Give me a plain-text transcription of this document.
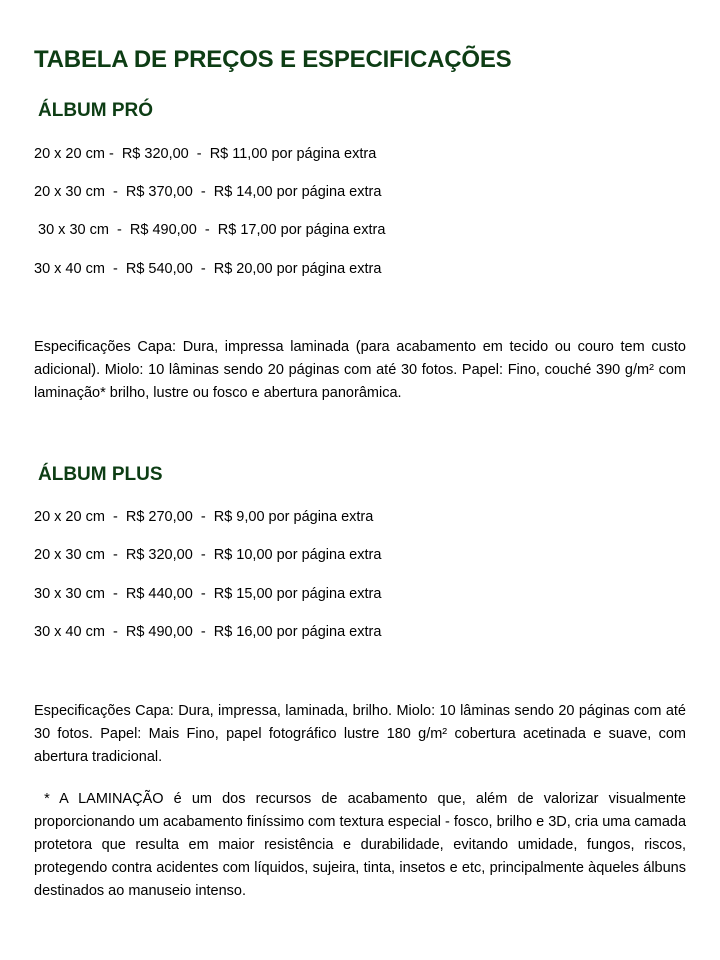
TABELA DE PREÇOS E ESPECIFICAÇÕES
ÁLBUM PRÓ
20 x 20 cm -  R$ 320,00  -  R$ 11,00 por página extra
20 x 30 cm  -  R$ 370,00  -  R$ 14,00 por página extra
30 x 30 cm  -  R$ 490,00  -  R$ 17,00 por página extra
30 x 40 cm  -  R$ 540,00  -  R$ 20,00 por página extra
Especificações Capa: Dura, impressa laminada (para acabamento em tecido ou couro tem custo adicional). Miolo: 10 lâminas sendo 20 páginas com até 30 fotos. Papel: Fino, couché 390 g/m² com laminação* brilho, lustre ou fosco e abertura panorâmica.
ÁLBUM PLUS
20 x 20 cm  -  R$ 270,00  -  R$ 9,00 por página extra
20 x 30 cm  -  R$ 320,00  -  R$ 10,00 por página extra
30 x 30 cm  -  R$ 440,00  -  R$ 15,00 por página extra
30 x 40 cm  -  R$ 490,00  -  R$ 16,00 por página extra
Especificações Capa: Dura, impressa, laminada, brilho. Miolo: 10 lâminas sendo 20 páginas com até 30 fotos. Papel: Mais Fino, papel fotográfico lustre 180 g/m² cobertura acetinada e suave, com abertura tradicional.
* A LAMINAÇÃO é um dos recursos de acabamento que, além de valorizar visualmente proporcionando um acabamento finíssimo com textura especial - fosco, brilho e 3D, cria uma camada protetora que resulta em maior resistência e durabilidade, evitando umidade, fungos, riscos, protegendo contra acidentes com líquidos, sujeira, tinta, insetos e etc, principalmente àqueles álbuns destinados ao manuseio intenso.
